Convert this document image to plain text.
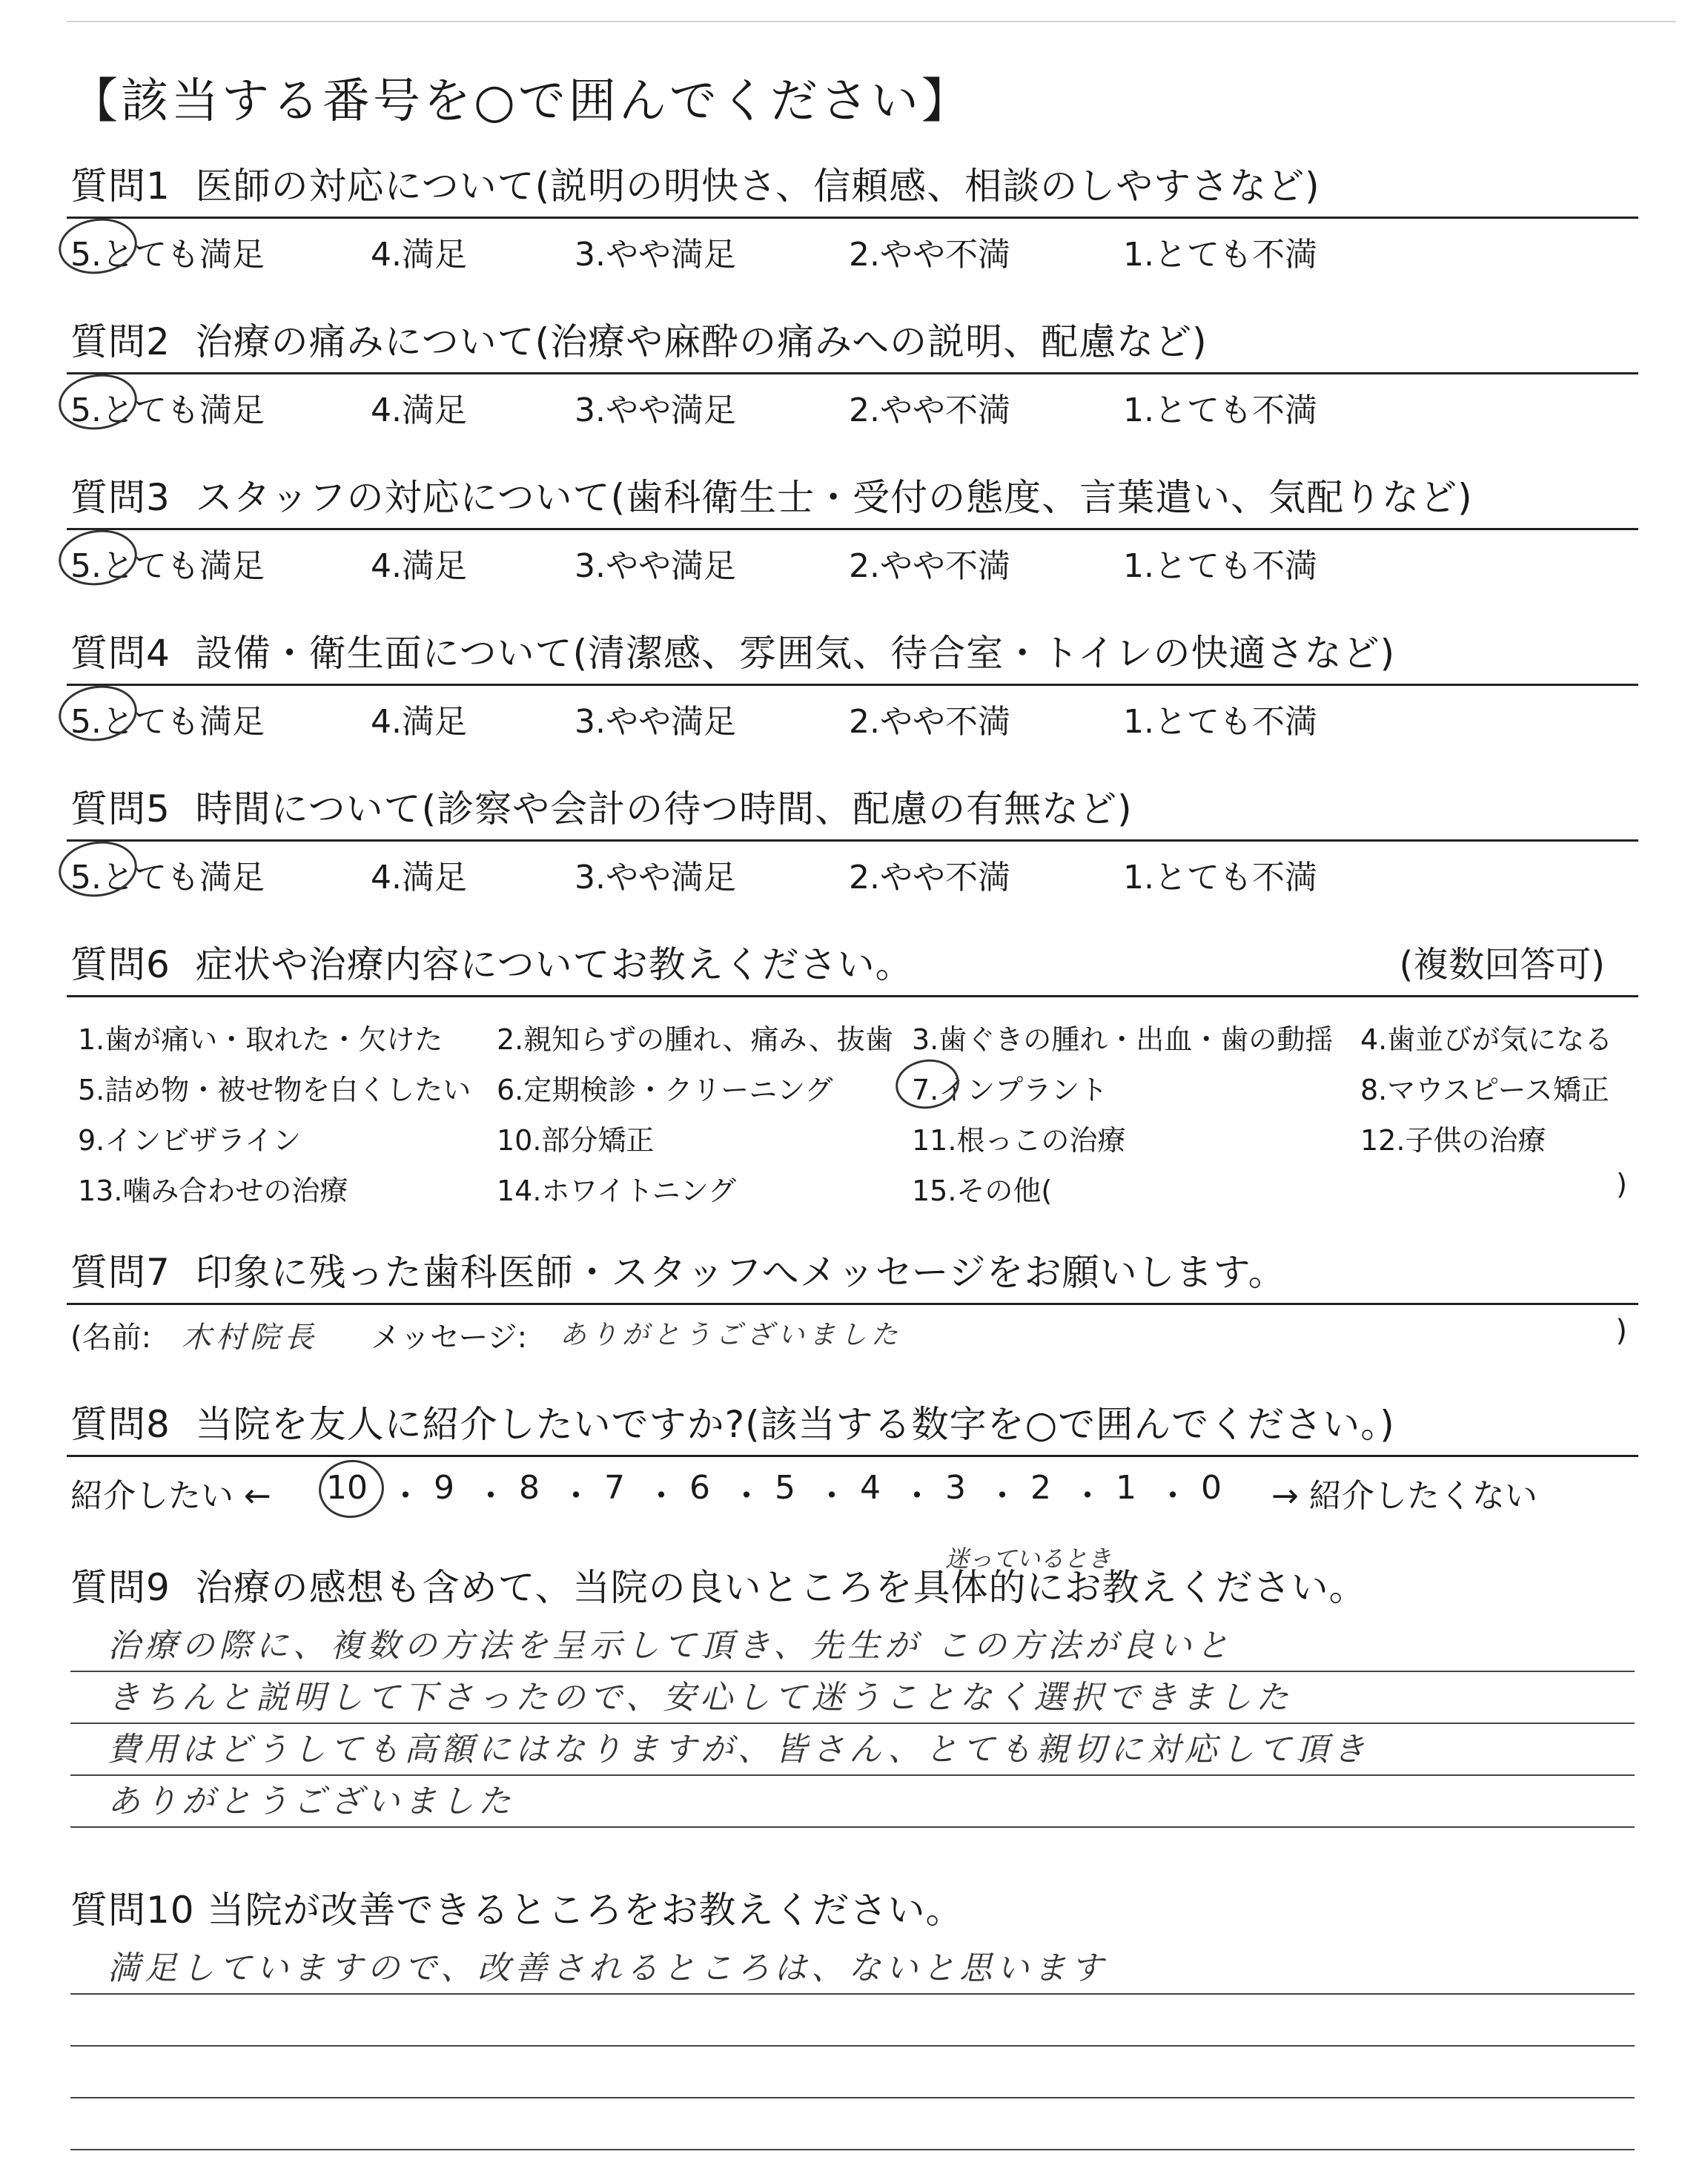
【該当する番号を○で囲んでください】
質問1 医師の対応について(説明の明快さ、信頼感、相談のしやすさなど)
5.とても満足	4.満足	3.やや満足	2.やや不満	1.とても不満
質問2 治療の痛みについて(治療や麻酔の痛みへの説明、配慮など)
5.とても満足	4.満足	3.やや満足	2.やや不満	1.とても不満
質問3 スタッフの対応について(歯科衛生士・受付の態度、言葉遣い、気配りなど)
5.とても満足	4.満足	3.やや満足	2.やや不満	1.とても不満
質問4 設備・衛生面について(清潔感、雰囲気、待合室・トイレの快適さなど)
5.とても満足	4.満足	3.やや満足	2.やや不満	1.とても不満
質問5 時間について(診察や会計の待つ時間、配慮の有無など)
5.とても満足	4.満足	3.やや満足	2.やや不満	1.とても不満
質問6 症状や治療内容についてお教えください。	(複数回答可)
1.歯が痛い・取れた・欠けた 2.親知らずの腫れ、痛み、抜歯 3.歯ぐきの腫れ・出血・歯の動揺 4.歯並びが気になる
5.詰め物・被せ物を白くしたい 6.定期検診・クリーニング	7.インプラント	8.マウスピース矯正
9.インビザライン	10.部分矯正	11.根っこの治療	12.子供の治療
13.噛み合わせの治療	14.ホワイトニング	15.その他(	)
質問7 印象に残った歯科医師・スタッフへメッセージをお願いします。
(名前: 木村院長 メッセージ: ありがとうございました	)
質問8 当院を友人に紹介したいですか?(該当する数字を○で囲んでください。)
紹介したい ← 10 ・ 9 ・ 8 ・ 7 ・ 6 ・ 5 ・ 4 ・ 3 ・ 2 ・ 1 ・ 0 → 紹介したくない
質問9 治療の感想も含めて、当院の良いところを具体的にお教えください。
迷っているとき
治療の際に、複数の方法を呈示して頂き、先生が この方法が良いと
きちんと説明して下さったので、安心して迷うことなく選択できました
費用はどうしても高額にはなりますが、皆さん、とても親切に対応して頂き
ありがとうございました
質問10 当院が改善できるところをお教えください。
満足していますので、改善されるところは、ないと思います
